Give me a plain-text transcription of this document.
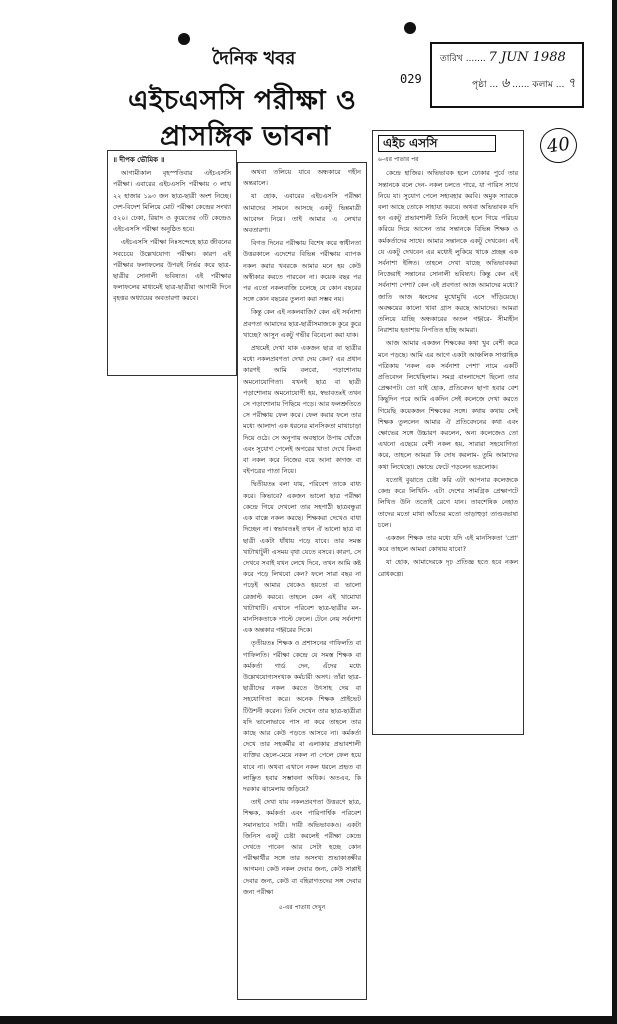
দৈনিক খবর
এইচএসসি পরীক্ষা ও
প্রাসঙ্গিক ভাবনা
তারিখ ....... 7 JUN 1988
পৃষ্ঠা ... ৬ ...... কলাম ... ৭
029
40
॥ দীপক ভৌমিক ॥
আগামীকাল বৃহস্পতিবার এইচএসসি পরীক্ষা। এবারের এইচএসসি পরীক্ষায় ৩ লাখ ২২ হাজার ১৯৩ জন ছাত্র-ছাত্রী অংশ নিচ্ছে। দেশ-বিদেশ মিলিয়ে মোট পরীক্ষা কেন্দ্রের সংখ্যা ৫২০। ঢেকা, রিয়াদ ও কুয়েতের ৩টি কেন্দ্রেও এইচএসসি পরীক্ষা অনুষ্ঠিত হবে।
এইচএসসি পরীক্ষা নিঃসন্দেহে ছাত্র জীবনের সবচেয়ে উল্লেখযোগ্য পরীক্ষা। কারণ এই পরীক্ষার ফলাফলের উপরই নির্ভর করে ছাত্র-ছাত্রীর সোনালী ভবিষ্যত। এই পরীক্ষার ফলাফলের মাধ্যমেই ছাত্র-ছাত্রীরা আগামী দিনে বৃহত্তর অধ্যায়ের অবতারণা করবে।
অথবা তলিয়ে যাবে অন্ধকারে গহীন অন্তরালে।
যা হোক, এবারের এইচএসসি পরীক্ষা আমাদের সামনে আসছে একটু ভিন্নমাত্রী আবেদন নিয়ে। তাই আমার এ লেখার অবতারণা।
বিগত দিনের পরীক্ষায় বিশেষ করে স্বাধীনতা উত্তরকালে এদেশের বিভিন্ন পরীক্ষায় ব্যাপক নকল করার খবরকে আমার মনে হয় কেউ অস্বীকার করতে পারবেন না। কয়েক বছর পর পর এতো নকলবাজি চলেছে যে কোন বছরের সঙ্গে কোন বছরের তুলনা করা সম্ভব নয়।
কিন্তু কেন এই নকলবাজি? কেন এই সর্বনাশা প্রবণতা আমাদের ছাত্র-ছাত্রীসমাজকে কুরে কুরে খাচ্ছে? আসুন একটু গভীর বিবেচনা করা যাক।
প্রথমেই দেখা যাক একজন ছাত্র বা ছাত্রীর মধ্যে নকলপ্রবণতা দেখা দেয় কেন? এর প্রধান কারণই আমি বলবো, পড়াশোনায় অমনোযোগিতা। যখনই ছাত্র বা ছাত্রী পড়াশোনায় অমনোযোগী হয়, স্বভাবতঃই তখন সে পড়াশোনায় পিছিয়ে পড়ে। আর ফলশ্রুতিতে সে পরীক্ষায় ফেল করে। ফেল করার ফলে তার মধ্যে আলাদা এক ধরনের মানসিকতা মাথাচাড়া দিয়ে ওঠে। সে অনুপায় অবস্থানে উপায় খোঁজে এবং সুযোগ পেলেই অপরের খাতা দেখে কিংবা বা নকল করে নিজের বয়ে আনা কাগজ বা বইপত্রের পাতা নিয়ে।
দ্বিতীয়তঃ বলা যায়, পরিবেশ তাকে বাধ্য করে। কিভাবে? একজন ভালো ছাত্র পরীক্ষা কেন্দ্রে গিয়ে দেখলো তার সহপাঠী ছাত্রবন্ধুরা এক বাক্সে নকল করছে। শিক্ষকরা দেখেও বাধা দিচ্ছেন না। স্বভাবতঃই তখন ঐ ভালো ছাত্র বা ছাত্রী একটা ধাঁধায় পড়ে যাবে। তার সমস্ত খাটাখাটুনী এসময় বৃথা যেতে বসবে। কারণ, সে দেখবে সবাই যখন লেখে দিবে, তখন আমি কষ্ট করে পড়ে লিখবো কেন? ফলে সারা বছর না পড়েই আমার থেকেও হয়তো বা ভালো রেজাল্ট করবে। তাহলে কেন এই খামোখা খাটাখাটি। এখানে পরিবেশ ছাত্র-ছাত্রীর মন-মানসিকতাকে পাল্টে ফেলে। টেনে নেয় সর্বনাশা এক অন্তকার গহ্বরের দিকে।
তৃতীয়তঃ শিক্ষক ও প্রশাসনের গাফিলতি বা গাফিলতি। পরীক্ষা কেন্দ্রে যে সমস্ত শিক্ষক বা কর্মকর্তা গার্ড দেন, এঁদের মধ্যে উল্লেখযোগ্যসংখ্যক কর্মচারী অসৎ। তাঁরা ছাত্র-ছাত্রীদের নকল করতে উৎসাহ দেয় বা সহযোগিতা করে। অনেক শিক্ষক প্রাইভেট টিউশনী করেন। তিনি দেখেন তার ছাত্র-ছাত্রীরা যদি ভালোভাবে পাস না করে তাহলে তার কাছে আর কেউ পড়তে আসবে না। কর্মকর্তা দেখে তার সহকর্মীর বা এলাকার প্রভাবশালী ব্যক্তির ছেলে-মেয়ে নকল না পেলে ফেল হয়ে যাবে না। অথবা এখানে নকল ধরলে প্রহৃত বা লাঞ্ছিত হবার সম্ভাবনা অধিক। অতএব, কি দরকার ঝামেলায় জড়িয়ে?
তাই দেখা যায় নকলপ্রবণতা উত্তরণে ছাত্র, শিক্ষক, কর্মকর্তা এবং পারিপার্শ্বিক পরিবেশ সমানভাবে দায়ী। দায়ী অভিভাবকও। একটা জিনিস একটু চেষ্টা করলেই পরীক্ষা কেন্দ্রে দেখতে পাবেন আর সেটা হচ্ছে কোন পরীক্ষার্থীর সঙ্গে তার অসংখ্য শুভাকাঙ্ক্ষীর আগমন। কেউ নকল দেবার জন্য, কেউ সাপ্লাই দেবার জন্য, কেউ বা বহিরাগতদের সঙ্গ দেবার জন্য পরীক্ষা
৫-এর পাতায় দেখুন
এইচ এসসি
৬-এর পাতার পর
কেন্দ্রে হাজির। অভিভাবক হলে ঢোকার পুর্বে তার সন্তানকে বলে দেন- নকল চলতে পারে, যা পারিস সাথে নিয়ে যা। সুযোগ পেলে সহ্যবহার করবি। অমুক স্যারকে বলা আছে তোকে সাহায্য করবে। অথবা অভিভাবক যদি হন একটু প্রভাবশালী তিনি নিজেই হলে গিয়ে পরিচয় করিয়ে দিয়ে আসেন তার সন্তানকে বিভিন্ন শিক্ষক ও কর্মকর্তাদের সাথে। আমার সন্তানকে একটু দেখবেন। এই যে একটু দেখবেন এর মধ্যেই লুকিয়ে থাকে প্রচ্ছন্ন এক সর্বনাশা ইঙ্গিত। তাহলে দেখা যাচ্ছে অভিভাবকরা নিজেরাই সন্তানের সোনালী ভবিষ্যৎ। কিন্তু কেন এই সর্বনাশা পেশা? কেন এই প্রবণতা আজ আমাদের মধ্যে? জাতি আজ ধ্বংসের মুখোমুখি এসে দাঁড়িয়েছে। অবক্ষয়ের কালো থাবা গ্রাস করছে আমাদের। আমরা তলিয়ে যাচ্ছি অন্ধকারের অতল গহ্বরে- সীমাহীন নিরাশায় হতাশায় নিপতিত হচ্ছি আমরা।
আজ আমার একজন শিক্ষকের কথা খুব বেশী করে মনে পড়ছে। আমি এর আগে একটা আঞ্চলিক সাপ্তাহিক পত্রিকায় 'নকল এক সর্বনাশা পেশা' নামে একটি প্রতিবেদন লিখেছিলাম। সমগ্র বাংলাদেশে ছিলো তার প্রেক্ষাপট। তো যাই হোক, প্রতিবেদন ছাপা হবার বেশ কিছুদিন পরে আমি একদিন সেই কলেজে দেখা করতে গিয়েছি কয়েকজন শিক্ষকের সঙ্গে। কথায় কথায় সেই শিক্ষক তুললেন আমার ঐ প্রতিবেদনের কথা এবং ক্ষোভের সঙ্গে উচ্চারণ করলেন, অন্য কলেজেও তো এখনো এছেয়ে বেশী নকল হয়, সারারা সহযোগিতা করে, তাহলে আমরা কি দোষ করলাম- তুমি আমাদের কথা লিখেছো। ক্ষোভে ফেটে পড়লেন ভদ্রলোক।
যতোই বুঝাতে চেষ্টা করি এটা আপনার কলেজকে কেন্দ্র করে লিখিনি- এটা দেশের সামগ্রিক প্রেক্ষাপটে লিখিত উনি ততোই রেগে যান। তাবশেষিক নেহাত তাদের মতো মাথা আঁতের মতো তাড়াহুড়া তাণ্ডবভাষা চলে।
একজন শিক্ষক তার মধ্যে যদি এই মানসিকতা 'প্রো' করে তাহলে আমরা কোথায় যাবো?
যা হোক, আমাদেরকে দৃঢ় প্রতিজ্ঞ হতে হবে নকল রোধকল্পে।
